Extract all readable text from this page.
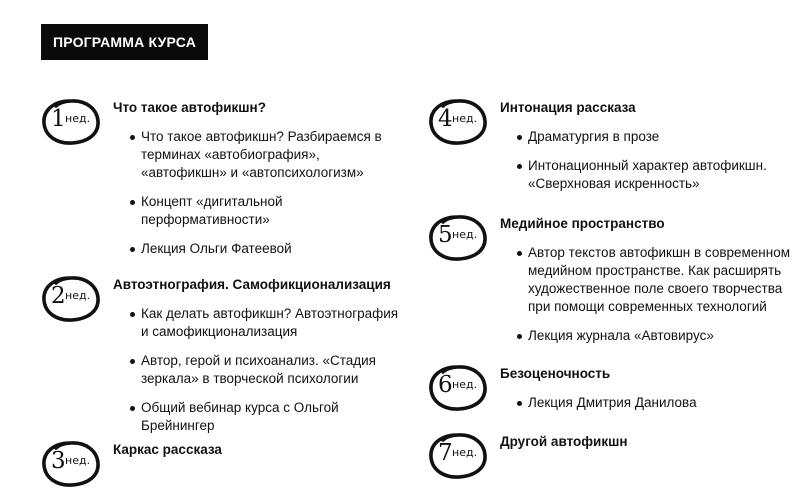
ПРОГРАММА КУРСА
1 нед.
Что такое автофикшн?
Что такое автофикшн? Разбираемся в терминах «автобиография», «автофикшн» и «автопсихологизм»
Концепт «дигитальной перформативности»
Лекция Ольги Фатеевой
2 нед.
Автоэтнография. Самофикционализация
Как делать автофикшн? Автоэтнография и самофикционализация
Автор, герой и психоанализ. «Стадия зеркала» в творческой психологии
Общий вебинар курса с Ольгой Брейнингер
3 нед.
Каркас рассказа
4 нед.
Интонация рассказа
Драматургия в прозе
Интонационный характер автофикшн. «Сверхновая искренность»
5 нед.
Медийное пространство
Автор текстов автофикшн в современном медийном пространстве. Как расширять художественное поле своего творчества при помощи современных технологий
Лекция журнала «Автовирус»
6 нед.
Безоценочность
Лекция Дмитрия Данилова
7 нед.
Другой автофикшн
